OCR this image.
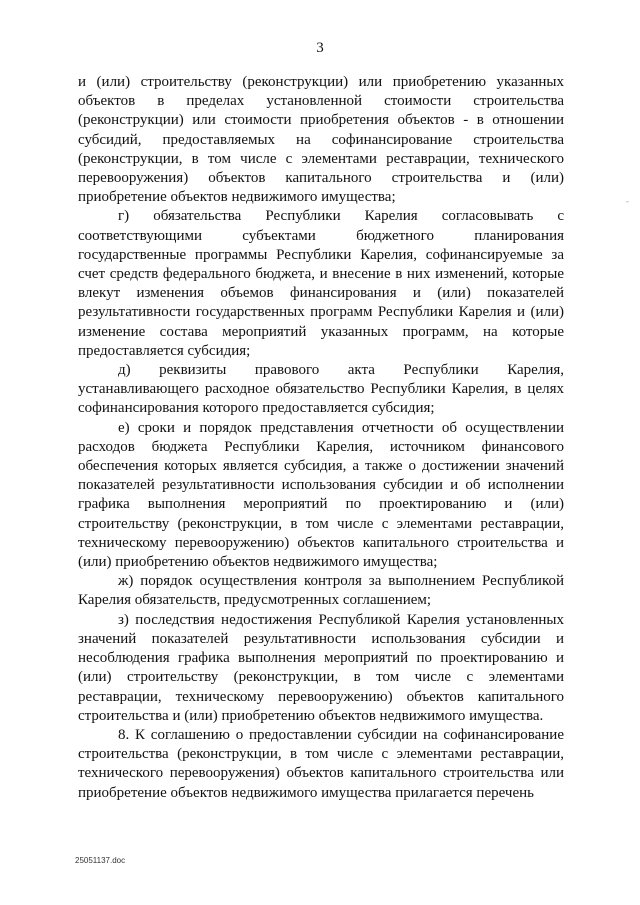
3
-

и (или) строительству (реконструкции) или приобретению указанных объектов в пределах установленной стоимости строительства (реконструкции) или стоимости приобретения объектов - в отношении субсидий, предоставляемых на софинансирование строительства (реконструкции, в том числе с элементами реставрации, технического перевооружения) объектов капитального строительства и (или) приобретение объектов недвижимого имущества;

г) обязательства Республики Карелия согласовывать с соответствующими субъектами бюджетного планирования государственные программы Республики Карелия, софинансируемые за счет средств федерального бюджета, и внесение в них изменений, которые влекут изменения объемов финансирования и (или) показателей результативности государственных программ Республики Карелия и (или) изменение состава мероприятий указанных программ, на которые предоставляется субсидия;

д) реквизиты правового акта Республики Карелия, устанавливающего расходное обязательство Республики Карелия, в целях софинансирования которого предоставляется субсидия;

е) сроки и порядок представления отчетности об осуществлении расходов бюджета Республики Карелия, источником финансового обеспечения которых является субсидия, а также о достижении значений показателей результативности использования субсидии и об исполнении графика выполнения мероприятий по проектированию и (или) строительству (реконструкции, в том числе с элементами реставрации, техническому перевооружению) объектов капитального строительства и (или) приобретению объектов недвижимого имущества;

ж) порядок осуществления контроля за выполнением Республикой Карелия обязательств, предусмотренных соглашением;

з) последствия недостижения Республикой Карелия установленных значений показателей результативности использования субсидии и несоблюдения графика выполнения мероприятий по проектированию и (или) строительству (реконструкции, в том числе с элементами реставрации, техническому перевооружению) объектов капитального строительства и (или) приобретению объектов недвижимого имущества.

8. К соглашению о предоставлении субсидии на софинансирование строительства (реконструкции, в том числе с элементами реставрации, технического перевооружения) объектов капитального строительства или приобретение объектов недвижимого имущества прилагается перечень

25051137.doc
